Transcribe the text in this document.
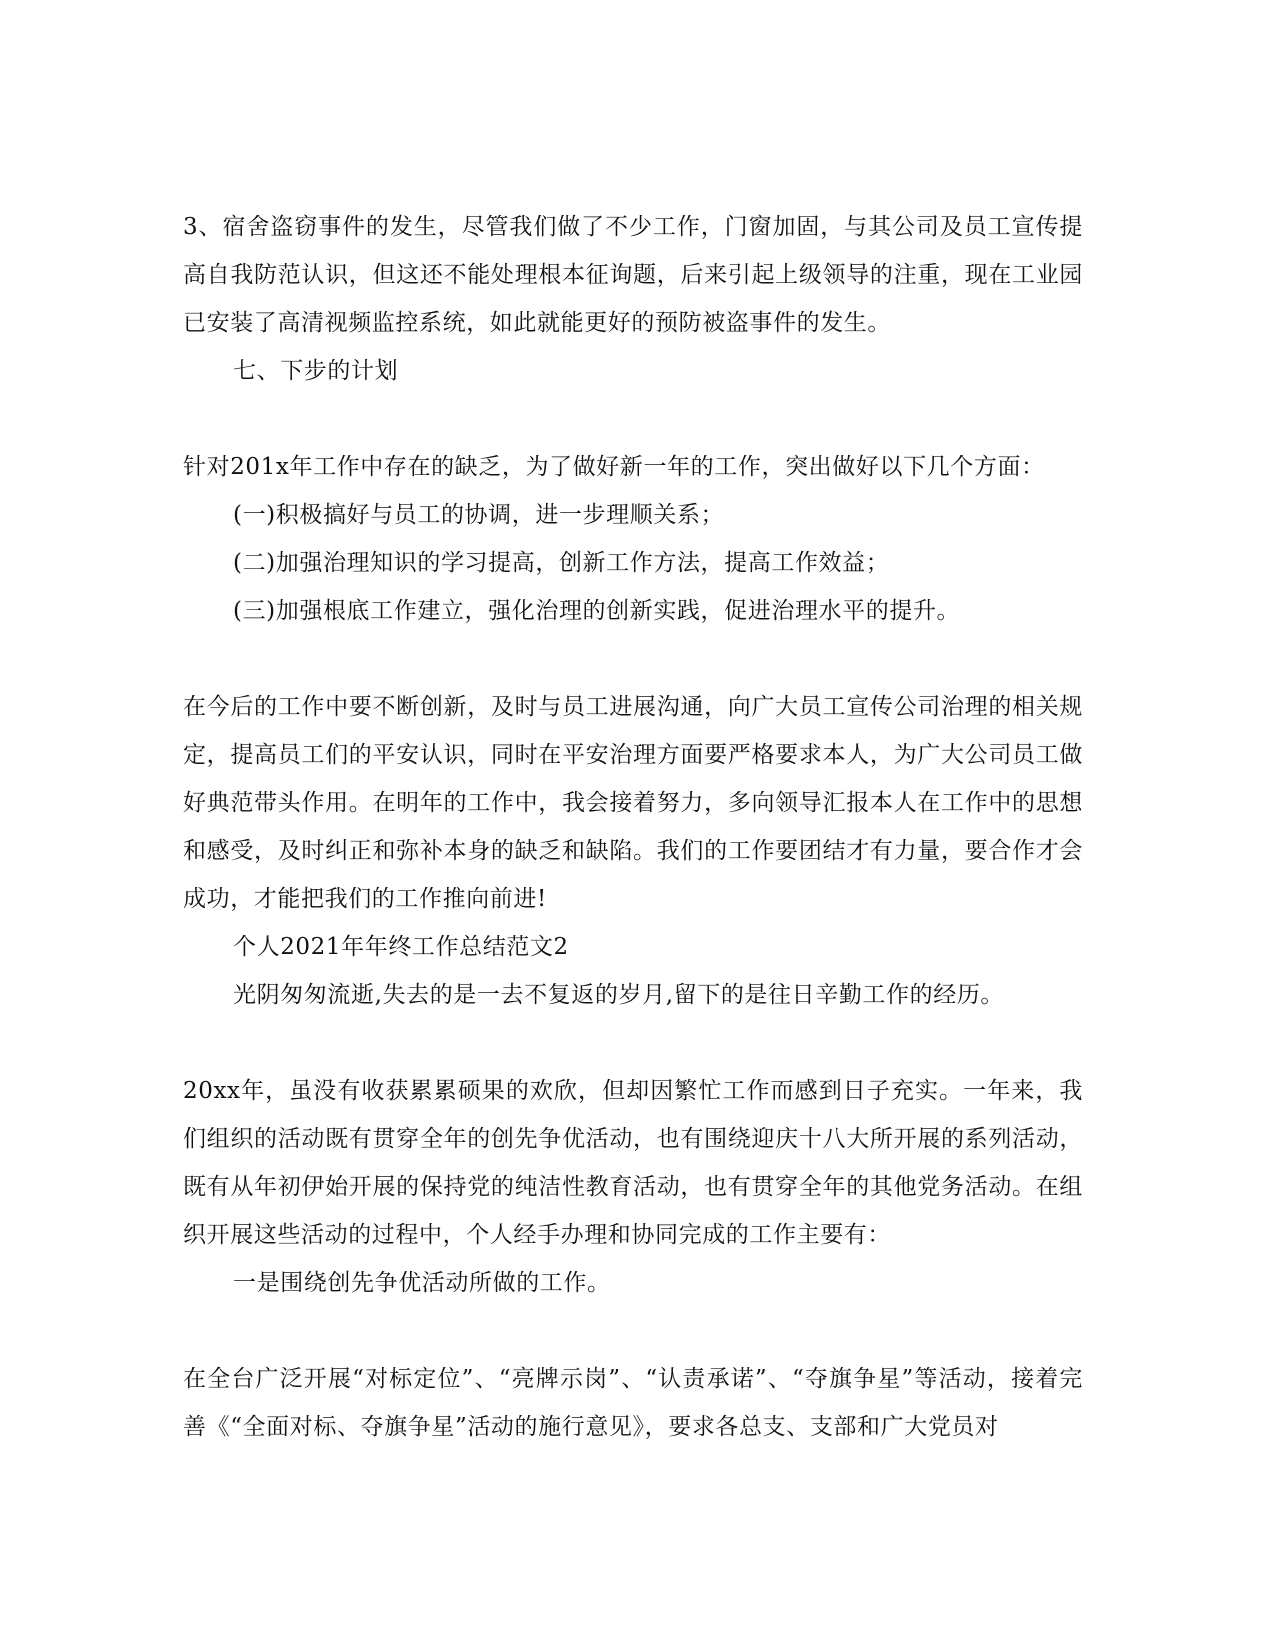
3、宿舍盗窃事件的发生，尽管我们做了不少工作，门窗加固，与其公司及员工宣传提高自我防范认识，但这还不能处理根本征询题，后来引起上级领导的注重，现在工业园已安装了高清视频监控系统，如此就能更好的预防被盗事件的发生。

七、下步的计划

针对201x年工作中存在的缺乏，为了做好新一年的工作，突出做好以下几个方面：

(一)积极搞好与员工的协调，进一步理顺关系；

(二)加强治理知识的学习提高，创新工作方法，提高工作效益；

(三)加强根底工作建立，强化治理的创新实践，促进治理水平的提升。

在今后的工作中要不断创新，及时与员工进展沟通，向广大员工宣传公司治理的相关规定，提高员工们的平安认识，同时在平安治理方面要严格要求本人，为广大公司员工做好典范带头作用。在明年的工作中，我会接着努力，多向领导汇报本人在工作中的思想和感受，及时纠正和弥补本身的缺乏和缺陷。我们的工作要团结才有力量，要合作才会成功，才能把我们的工作推向前进!

个人2021年年终工作总结范文2

光阴匆匆流逝,失去的是一去不复返的岁月,留下的是往日辛勤工作的经历。

20xx年，虽没有收获累累硕果的欢欣，但却因繁忙工作而感到日子充实。一年来，我们组织的活动既有贯穿全年的创先争优活动，也有围绕迎庆十八大所开展的系列活动，既有从年初伊始开展的保持党的纯洁性教育活动，也有贯穿全年的其他党务活动。在组织开展这些活动的过程中，个人经手办理和协同完成的工作主要有：

一是围绕创先争优活动所做的工作。

在全台广泛开展“对标定位”、“亮牌示岗”、“认责承诺”、“夺旗争星”等活动，接着完善《“全面对标、夺旗争星”活动的施行意见》，要求各总支、支部和广大党员对
